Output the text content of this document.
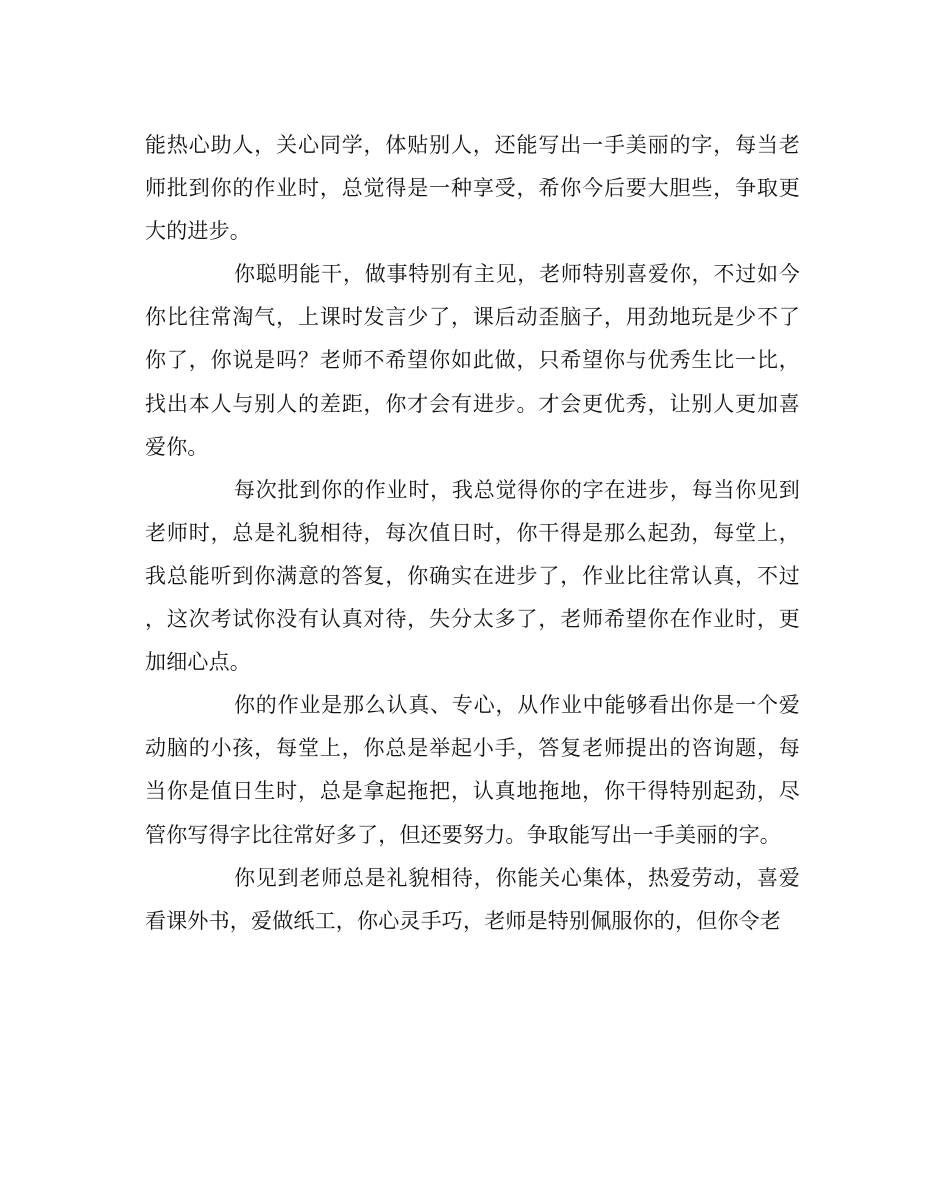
能热心助人，关心同学，体贴别人，还能写出一手美丽的字，每当老师批到你的作业时，总觉得是一种享受，希你今后要大胆些，争取更大的进步。

你聪明能干，做事特别有主见，老师特别喜爱你，不过如今你比往常淘气，上课时发言少了，课后动歪脑子，用劲地玩是少不了你了，你说是吗？老师不希望你如此做，只希望你与优秀生比一比，找出本人与别人的差距，你才会有进步。才会更优秀，让别人更加喜爱你。

每次批到你的作业时，我总觉得你的字在进步，每当你见到老师时，总是礼貌相待，每次值日时，你干得是那么起劲，每堂上，我总能听到你满意的答复，你确实在进步了，作业比往常认真，不过，这次考试你没有认真对待，失分太多了，老师希望你在作业时，更加细心点。

你的作业是那么认真、专心，从作业中能够看出你是一个爱动脑的小孩，每堂上，你总是举起小手，答复老师提出的咨询题，每当你是值日生时，总是拿起拖把，认真地拖地，你干得特别起劲，尽管你写得字比往常好多了，但还要努力。争取能写出一手美丽的字。

你见到老师总是礼貌相待，你能关心集体，热爱劳动，喜爱看课外书，爱做纸工，你心灵手巧，老师是特别佩服你的，但你令老
